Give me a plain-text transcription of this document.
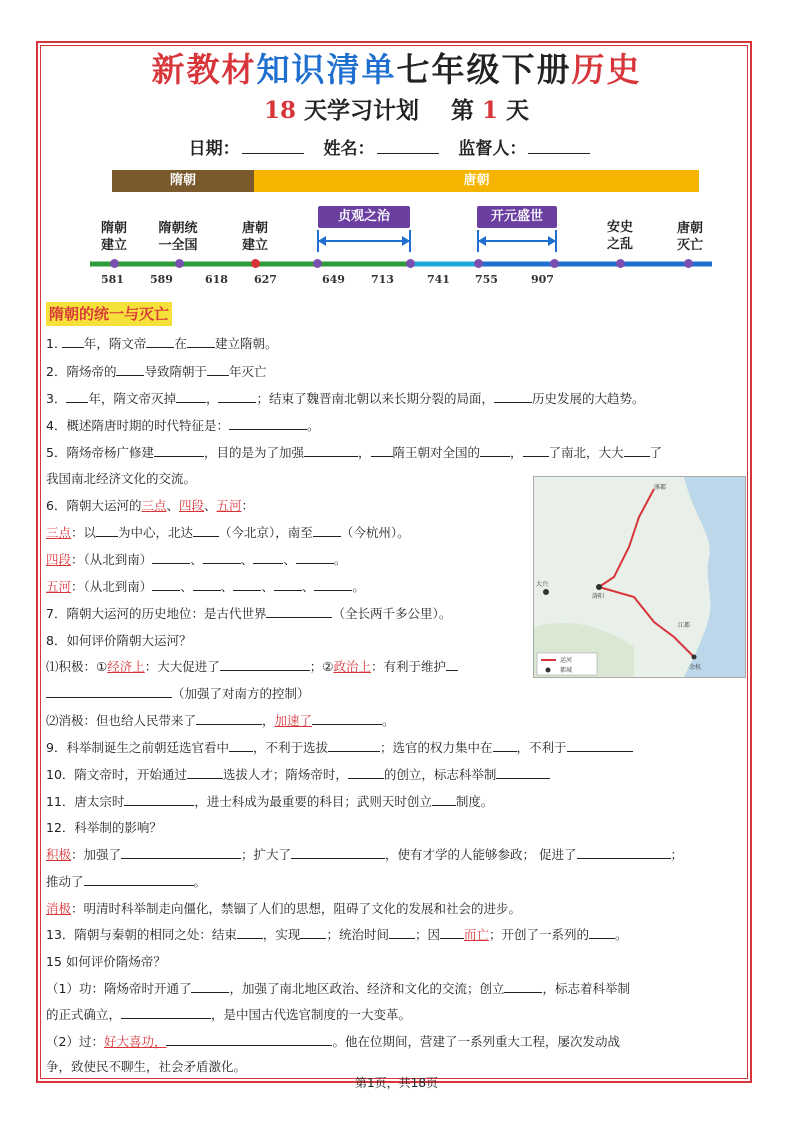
新教材知识清单七年级下册历史
18 天学习计划 第 1 天
日期：	姓名：	监督人：
隋朝	唐朝
隋朝
建立
隋朝统
一全国
唐朝
建立
安史
之乱
唐朝
灭亡
贞观之治	开元盛世
581 589	618 627	649 713	741 755	907
隋朝的统一与灭亡
涿郡
大兴
洛阳
江都
余杭
运河
都城
1. 年，隋文帝 在 建立隋朝。
2．隋炀帝的 导致隋朝于 年灭亡
3． 年，隋文帝灭掉 ，	；结束了魏晋南北朝以来长期分裂的局面，	历史发展的大趋势。
4．概述隋唐时期的时代特征是：	。
5．隋炀帝杨广修建	，目的是为了加强	， 隋王朝对全国的 ， 了南北，大大 了
我国南北经济文化的交流。
6．隋朝大运河的三点、四段、五河：
三点：以 为中心，北达 （今北京），南至 （今杭州）。
四段：（从北到南）	、	、 、	。
五河：（从北到南） 、 、 、 、	。
7．隋朝大运河的历史地位：是古代世界	（全长两千多公里）。
8．如何评价隋朝大运河？
⑴积极：①经济上：大大促进了	；②政治上：有利于维护
（加强了对南方的控制）
⑵消极：但也给人民带来了	，加速了	。
9．科举制诞生之前朝廷选官看中 ，不利于选拔	；选官的权力集中在 ，不利于
10．隋文帝时，开始通过	选拔人才；隋炀帝时，	的创立，标志科举制
11．唐太宗时	，进士科成为最重要的科目；武则天时创立 制度。
12．科举制的影响？
积极：加强了	；扩大了	，使有才学的人能够参政； 促进了	；
推动了	。
消极：明清时科举制走向僵化，禁锢了人们的思想，阻碍了文化的发展和社会的进步。
13．隋朝与秦朝的相同之处：结束 ，实现 ；统治时间 ；因 而亡；开创了一系列的 。
15 如何评价隋炀帝？
（1）功：隋炀帝时开通了	，加强了南北地区政治、经济和文化的交流；创立	，标志着科举制
的正式确立，	，是中国古代选官制度的一大变革。
（2）过：好大喜功，	。他在位期间，营建了一系列重大工程，屡次发动战
争，致使民不聊生，社会矛盾激化。
第1页，共18页
